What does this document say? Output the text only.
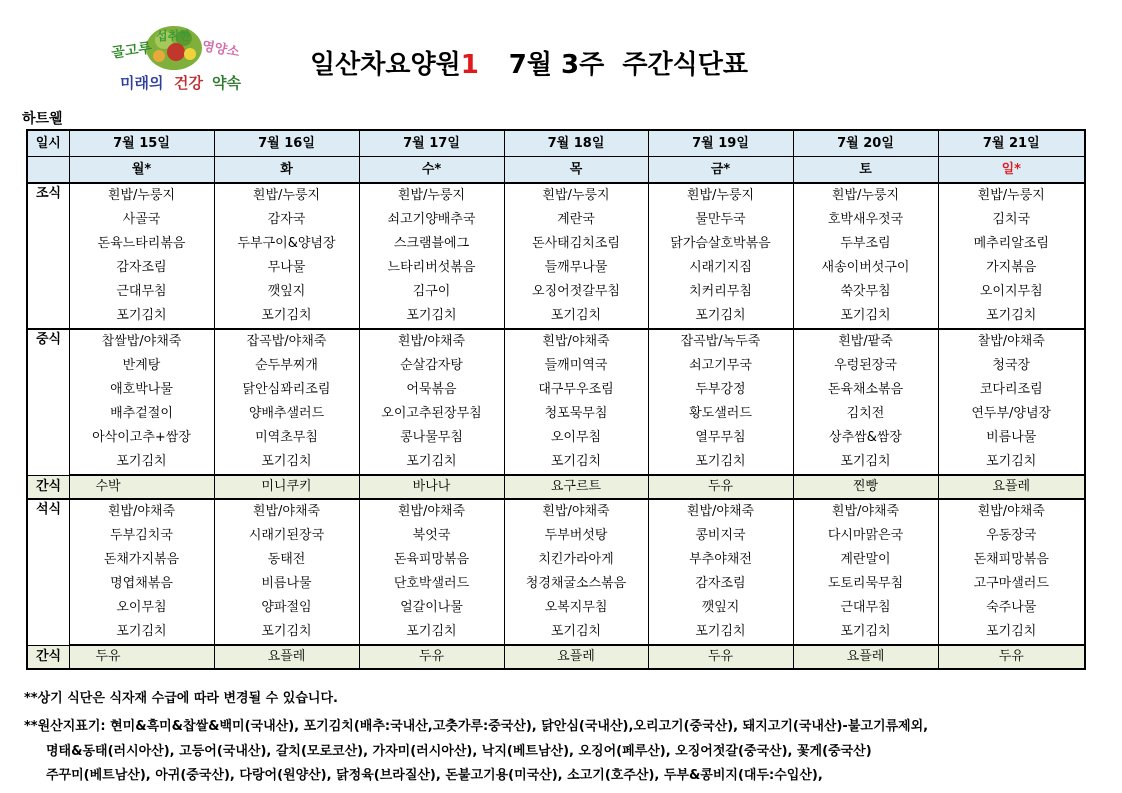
골고루
섭취한
영양소
미래의 건강 약속
일산차요양원1 7월 3주 주간식단표
하트웰
일시	7월 15일	7월 16일	7월 17일	7월 18일	7월 19일	7월 20일	7월 21일
	월*	화	수*	목	금*	토	일*
조식	흰밥/누룽지	흰밥/누룽지	흰밥/누룽지	흰밥/누룽지	흰밥/누룽지	흰밥/누룽지	흰밥/누룽지
	사골국	감자국	쇠고기양배추국	계란국	물만두국	호박새우젓국	김치국
	돈육느타리볶음	두부구이&양념장	스크램블에그	돈사태김치조림	닭가슴살호박볶음	두부조림	메추리알조림
	감자조림	무나물	느타리버섯볶음	들깨무나물	시래기지짐	새송이버섯구이	가지볶음
	근대무침	깻잎지	김구이	오징어젓갈무침	치커리무침	쑥갓무침	오이지무침
	포기김치	포기김치	포기김치	포기김치	포기김치	포기김치	포기김치
중식	찹쌀밥/야채죽	잡곡밥/야채죽	흰밥/야채죽	흰밥/야채죽	잡곡밥/녹두죽	흰밥/팥죽	찰밥/야채죽
	반계탕	순두부찌개	순살감자탕	들깨미역국	쇠고기무국	우렁된장국	청국장
	애호박나물	닭안심꽈리조림	어묵볶음	대구무우조림	두부강정	돈육채소볶음	코다리조림
	배추겉절이	양배추샐러드	오이고추된장무침	청포묵무침	황도샐러드	김치전	연두부/양념장
	아삭이고추+쌈장	미역초무침	콩나물무침	오이무침	열무무침	상추쌈&쌈장	비름나물
	포기김치	포기김치	포기김치	포기김치	포기김치	포기김치	포기김치
간식	수박	미니쿠키	바나나	요구르트	두유	찐빵	요플레
석식	흰밥/야채죽	흰밥/야채죽	흰밥/야채죽	흰밥/야채죽	흰밥/야채죽	흰밥/야채죽	흰밥/야채죽
	두부김치국	시래기된장국	북엇국	두부버섯탕	콩비지국	다시마맑은국	우동장국
	돈채가지볶음	동태전	돈육피망볶음	치킨가라아게	부추야채전	계란말이	돈채피망볶음
	명엽채볶음	비름나물	단호박샐러드	청경채굴소스볶음	감자조림	도토리묵무침	고구마샐러드
	오이무침	양파절임	얼갈이나물	오복지무침	깻잎지	근대무침	숙주나물
	포기김치	포기김치	포기김치	포기김치	포기김치	포기김치	포기김치
간식	두유	요플레	두유	요플레	두유	요플레	두유
**상기 식단은 식자재 수급에 따라 변경될 수 있습니다.
**원산지표기: 현미&흑미&찹쌀&백미(국내산), 포기김치(배추:국내산,고춧가루:중국산), 닭안심(국내산),오리고기(중국산), 돼지고기(국내산)-불고기류제외,
명태&동태(러시아산), 고등어(국내산), 갈치(모로코산), 가자미(러시아산), 낙지(베트남산), 오징어(페루산), 오징어젓갈(중국산), 꽃게(중국산)
주꾸미(베트남산), 아귀(중국산), 다랑어(원양산), 닭정육(브라질산), 돈불고기용(미국산), 소고기(호주산), 두부&콩비지(대두:수입산),
